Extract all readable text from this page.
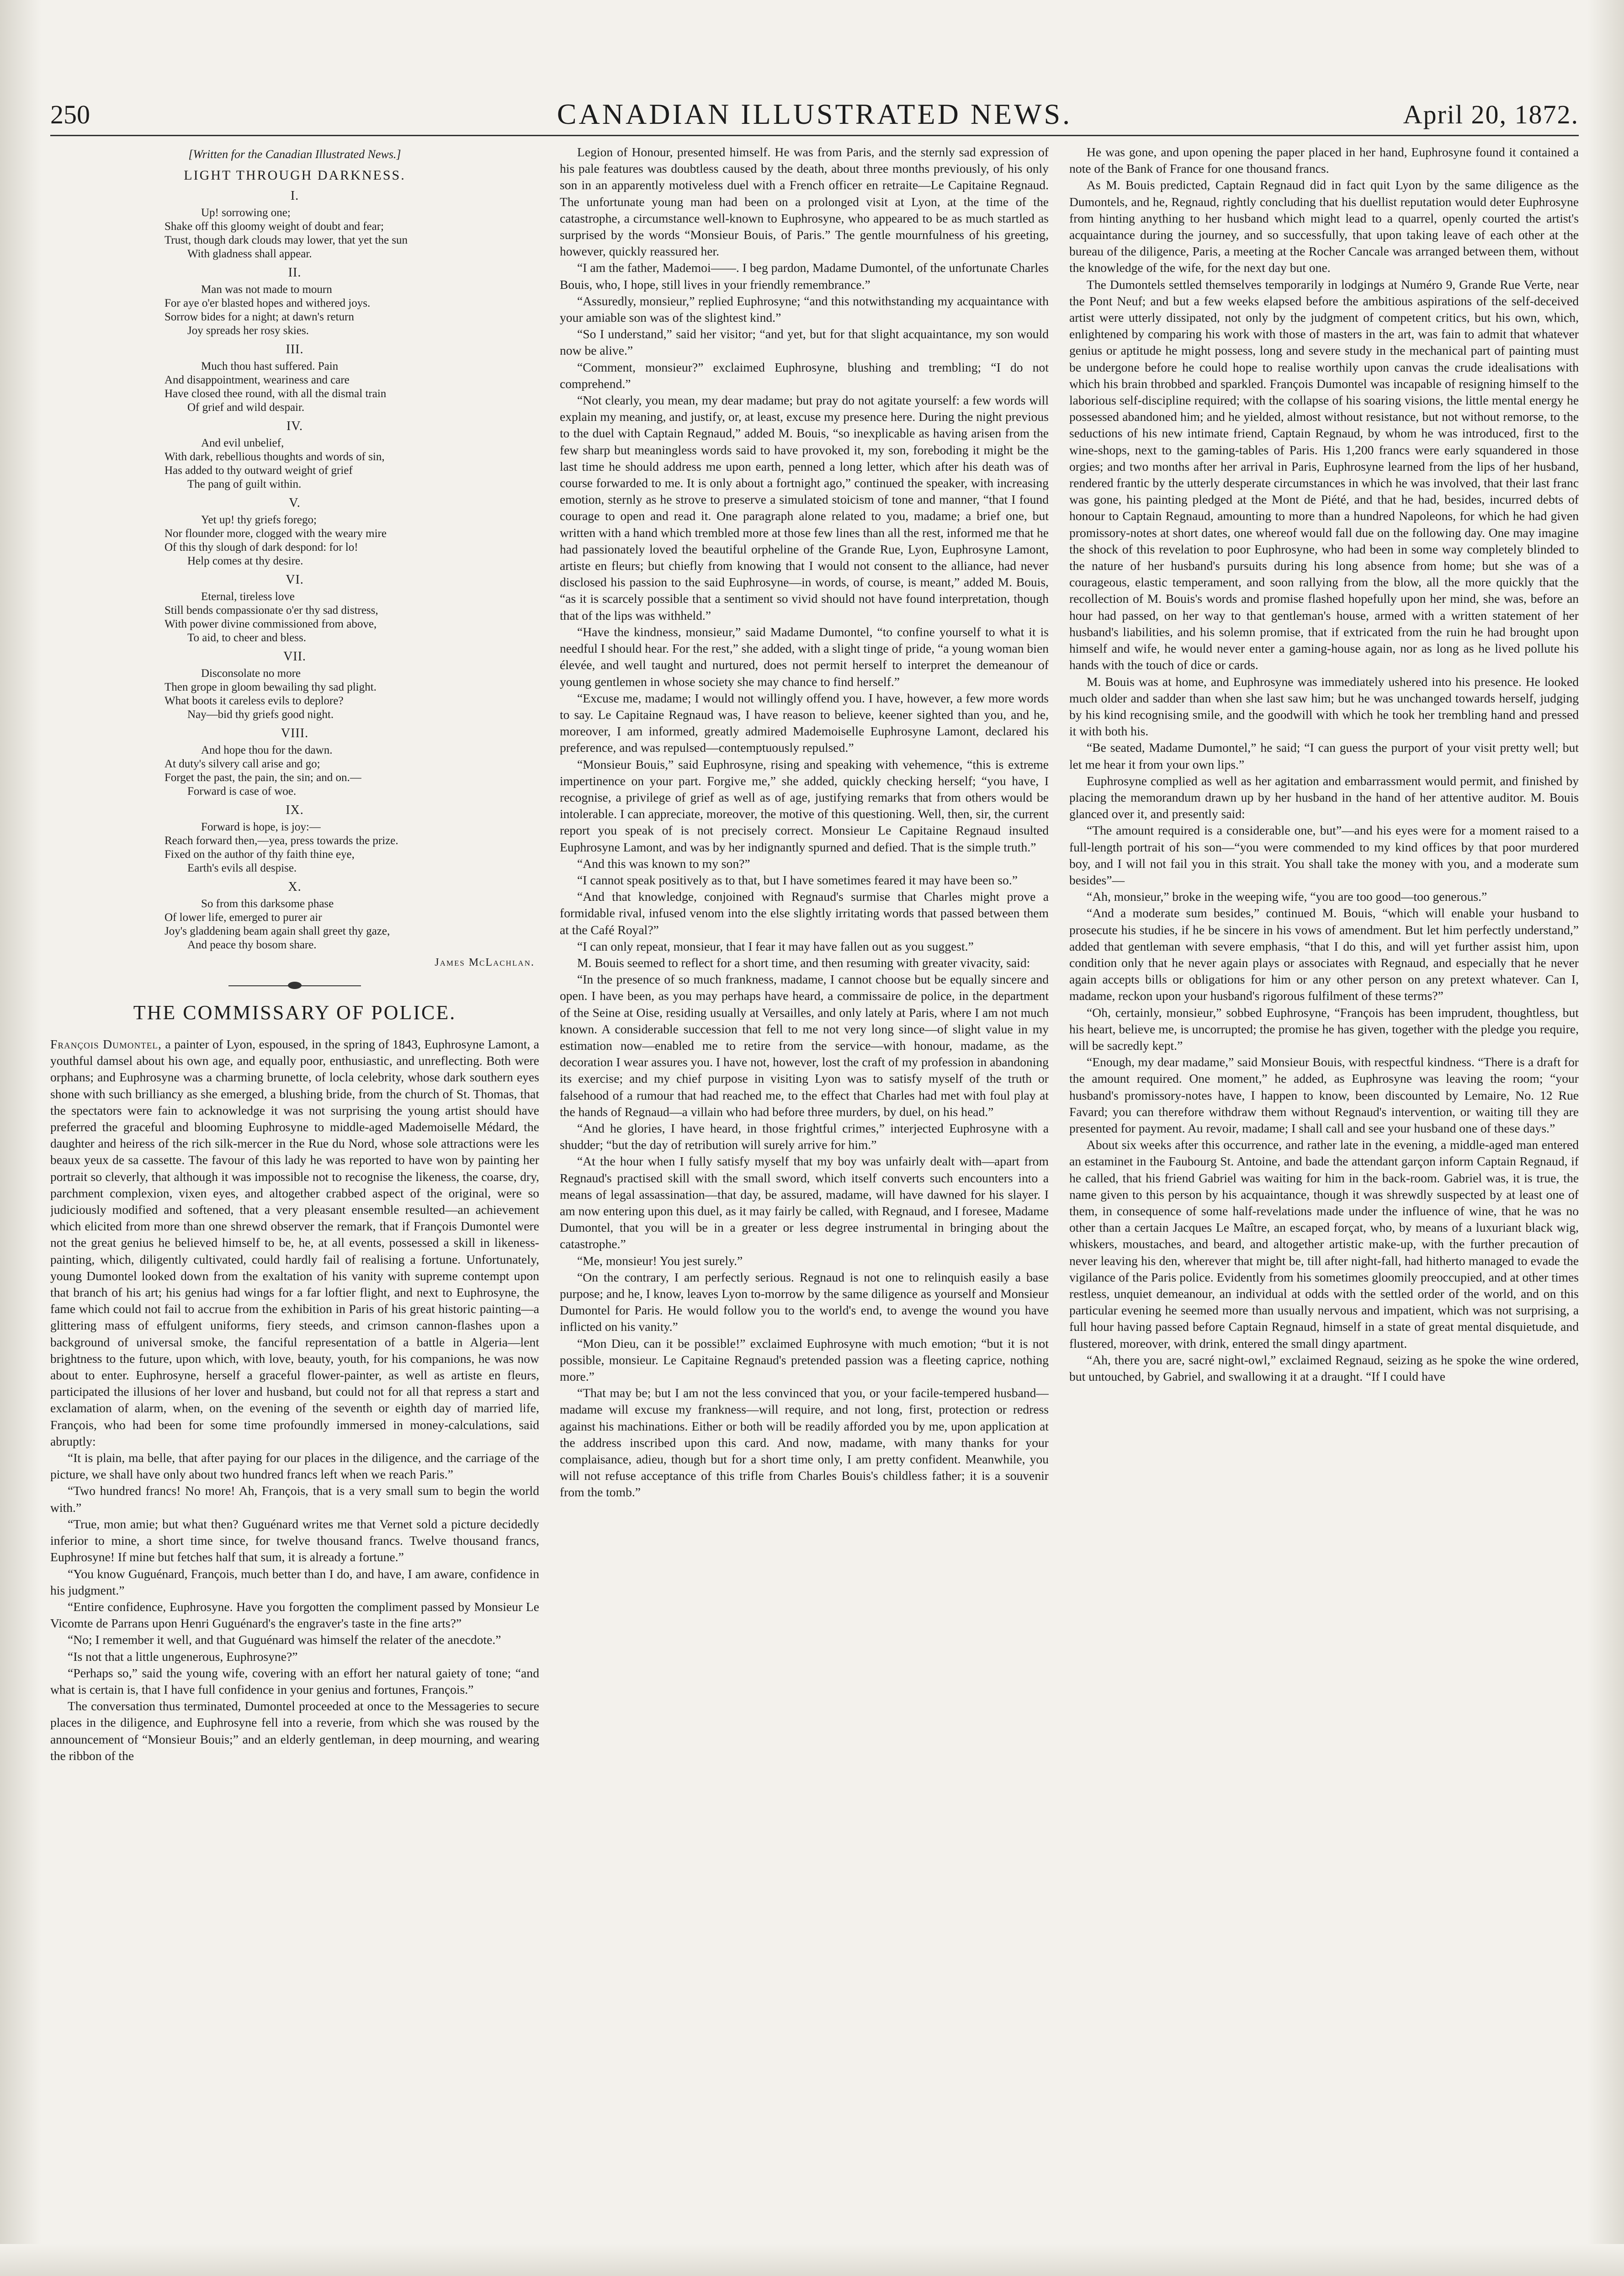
250	CANADIAN ILLUSTRATED NEWS.	April 20, 1872.
[Written for the Canadian Illustrated News.]
LIGHT THROUGH DARKNESS.
I.
Up! sorrowing one;
Shake off this gloomy weight of doubt and fear;
Trust, though dark clouds may lower, that yet the sun
With gladness shall appear.
II.
Man was not made to mourn
For aye o'er blasted hopes and withered joys.
Sorrow bides for a night; at dawn's return
Joy spreads her rosy skies.
III.
Much thou hast suffered. Pain
And disappointment, weariness and care
Have closed thee round, with all the dismal train
Of grief and wild despair.
IV.
And evil unbelief,
With dark, rebellious thoughts and words of sin,
Has added to thy outward weight of grief
The pang of guilt within.
V.
Yet up! thy griefs forego;
Nor flounder more, clogged with the weary mire
Of this thy slough of dark despond: for lo!
Help comes at thy desire.
VI.
Eternal, tireless love
Still bends compassionate o'er thy sad distress,
With power divine commissioned from above,
To aid, to cheer and bless.
VII.
Disconsolate no more
Then grope in gloom bewailing thy sad plight.
What boots it careless evils to deplore?
Nay—bid thy griefs good night.
VIII.
And hope thou for the dawn.
At duty's silvery call arise and go;
Forget the past, the pain, the sin; and on.—
Forward is case of woe.
IX.
Forward is hope, is joy:—
Reach forward then,—yea, press towards the prize.
Fixed on the author of thy faith thine eye,
Earth's evils all despise.
X.
So from this darksome phase
Of lower life, emerged to purer air
Joy's gladdening beam again shall greet thy gaze,
And peace thy bosom share.
James McLachlan.
THE COMMISSARY OF POLICE.

François Dumontel, a painter of Lyon, espoused, in the spring of 1843, Euphrosyne Lamont, a youthful damsel about his own age, and equally poor, enthusiastic, and unreflecting. Both were orphans; and Euphrosyne was a charming brunette, of locla celebrity, whose dark southern eyes shone with such brilliancy as she emerged, a blushing bride, from the church of St. Thomas, that the spectators were fain to acknowledge it was not surprising the young artist should have preferred the graceful and blooming Euphrosyne to middle-aged Mademoiselle Médard, the daughter and heiress of the rich silk-mercer in the Rue du Nord, whose sole attractions were les beaux yeux de sa cassette. The favour of this lady he was reported to have won by painting her portrait so cleverly, that although it was impossible not to recognise the likeness, the coarse, dry, parchment complexion, vixen eyes, and altogether crabbed aspect of the original, were so judiciously modified and softened, that a very pleasant ensemble resulted—an achievement which elicited from more than one shrewd observer the remark, that if François Dumontel were not the great genius he believed himself to be, he, at all events, possessed a skill in likeness-painting, which, diligently cultivated, could hardly fail of realising a fortune. Unfortunately, young Dumontel looked down from the exaltation of his vanity with supreme contempt upon that branch of his art; his genius had wings for a far loftier flight, and next to Euphrosyne, the fame which could not fail to accrue from the exhibition in Paris of his great historic painting—a glittering mass of effulgent uniforms, fiery steeds, and crimson cannon-flashes upon a background of universal smoke, the fanciful representation of a battle in Algeria—lent brightness to the future, upon which, with love, beauty, youth, for his companions, he was now about to enter. Euphrosyne, herself a graceful flower-painter, as well as artiste en fleurs, participated the illusions of her lover and husband, but could not for all that repress a start and exclamation of alarm, when, on the evening of the seventh or eighth day of married life, François, who had been for some time profoundly immersed in money-calculations, said abruptly:

“It is plain, ma belle, that after paying for our places in the diligence, and the carriage of the picture, we shall have only about two hundred francs left when we reach Paris.”

“Two hundred francs! No more! Ah, François, that is a very small sum to begin the world with.”

“True, mon amie; but what then? Guguénard writes me that Vernet sold a picture decidedly inferior to mine, a short time since, for twelve thousand francs. Twelve thousand francs, Euphrosyne! If mine but fetches half that sum, it is already a fortune.”

“You know Guguénard, François, much better than I do, and have, I am aware, confidence in his judgment.”

“Entire confidence, Euphrosyne. Have you forgotten the compliment passed by Monsieur Le Vicomte de Parrans upon Henri Guguénard's the engraver's taste in the fine arts?”

“No; I remember it well, and that Guguénard was himself the relater of the anecdote.”

“Is not that a little ungenerous, Euphrosyne?”

“Perhaps so,” said the young wife, covering with an effort her natural gaiety of tone; “and what is certain is, that I have full confidence in your genius and fortunes, François.”

The conversation thus terminated, Dumontel proceeded at once to the Messageries to secure places in the diligence, and Euphrosyne fell into a reverie, from which she was roused by the announcement of “Monsieur Bouis;” and an elderly gentleman, in deep mourning, and wearing the ribbon of the

Legion of Honour, presented himself. He was from Paris, and the sternly sad expression of his pale features was doubtless caused by the death, about three months previously, of his only son in an apparently motiveless duel with a French officer en retraite—Le Capitaine Regnaud. The unfortunate young man had been on a prolonged visit at Lyon, at the time of the catastrophe, a circumstance well-known to Euphrosyne, who appeared to be as much startled as surprised by the words “Monsieur Bouis, of Paris.” The gentle mournfulness of his greeting, however, quickly reassured her.

“I am the father, Mademoi——. I beg pardon, Madame Dumontel, of the unfortunate Charles Bouis, who, I hope, still lives in your friendly remembrance.”

“Assuredly, monsieur,” replied Euphrosyne; “and this notwithstanding my acquaintance with your amiable son was of the slightest kind.”

“So I understand,” said her visitor; “and yet, but for that slight acquaintance, my son would now be alive.”

“Comment, monsieur?” exclaimed Euphrosyne, blushing and trembling; “I do not comprehend.”

“Not clearly, you mean, my dear madame; but pray do not agitate yourself: a few words will explain my meaning, and justify, or, at least, excuse my presence here. During the night previous to the duel with Captain Regnaud,” added M. Bouis, “so inexplicable as having arisen from the few sharp but meaningless words said to have provoked it, my son, foreboding it might be the last time he should address me upon earth, penned a long letter, which after his death was of course forwarded to me. It is only about a fortnight ago,” continued the speaker, with increasing emotion, sternly as he strove to preserve a simulated stoicism of tone and manner, “that I found courage to open and read it. One paragraph alone related to you, madame; a brief one, but written with a hand which trembled more at those few lines than all the rest, informed me that he had passionately loved the beautiful orpheline of the Grande Rue, Lyon, Euphrosyne Lamont, artiste en fleurs; but chiefly from knowing that I would not consent to the alliance, had never disclosed his passion to the said Euphrosyne—in words, of course, is meant,” added M. Bouis, “as it is scarcely possible that a sentiment so vivid should not have found interpretation, though that of the lips was withheld.”

“Have the kindness, monsieur,” said Madame Dumontel, “to confine yourself to what it is needful I should hear. For the rest,” she added, with a slight tinge of pride, “a young woman bien élevée, and well taught and nurtured, does not permit herself to interpret the demeanour of young gentlemen in whose society she may chance to find herself.”

“Excuse me, madame; I would not willingly offend you. I have, however, a few more words to say. Le Capitaine Regnaud was, I have reason to believe, keener sighted than you, and he, moreover, I am informed, greatly admired Mademoiselle Euphrosyne Lamont, declared his preference, and was repulsed—contemptuously repulsed.”

“Monsieur Bouis,” said Euphrosyne, rising and speaking with vehemence, “this is extreme impertinence on your part. Forgive me,” she added, quickly checking herself; “you have, I recognise, a privilege of grief as well as of age, justifying remarks that from others would be intolerable. I can appreciate, moreover, the motive of this questioning. Well, then, sir, the current report you speak of is not precisely correct. Monsieur Le Capitaine Regnaud insulted Euphrosyne Lamont, and was by her indignantly spurned and defied. That is the simple truth.”

“And this was known to my son?”

“I cannot speak positively as to that, but I have sometimes feared it may have been so.”

“And that knowledge, conjoined with Regnaud's surmise that Charles might prove a formidable rival, infused venom into the else slightly irritating words that passed between them at the Café Royal?”

“I can only repeat, monsieur, that I fear it may have fallen out as you suggest.”

M. Bouis seemed to reflect for a short time, and then resuming with greater vivacity, said:

“In the presence of so much frankness, madame, I cannot choose but be equally sincere and open. I have been, as you may perhaps have heard, a commissaire de police, in the department of the Seine at Oise, residing usually at Versailles, and only lately at Paris, where I am not much known. A considerable succession that fell to me not very long since—of slight value in my estimation now—enabled me to retire from the service—with honour, madame, as the decoration I wear assures you. I have not, however, lost the craft of my profession in abandoning its exercise; and my chief purpose in visiting Lyon was to satisfy myself of the truth or falsehood of a rumour that had reached me, to the effect that Charles had met with foul play at the hands of Regnaud—a villain who had before three murders, by duel, on his head.”

“And he glories, I have heard, in those frightful crimes,” interjected Euphrosyne with a shudder; “but the day of retribution will surely arrive for him.”

“At the hour when I fully satisfy myself that my boy was unfairly dealt with—apart from Regnaud's practised skill with the small sword, which itself converts such encounters into a means of legal assassination—that day, be assured, madame, will have dawned for his slayer. I am now entering upon this duel, as it may fairly be called, with Regnaud, and I foresee, Madame Dumontel, that you will be in a greater or less degree instrumental in bringing about the catastrophe.”

“Me, monsieur! You jest surely.”

“On the contrary, I am perfectly serious. Regnaud is not one to relinquish easily a base purpose; and he, I know, leaves Lyon to-morrow by the same diligence as yourself and Monsieur Dumontel for Paris. He would follow you to the world's end, to avenge the wound you have inflicted on his vanity.”

“Mon Dieu, can it be possible!” exclaimed Euphrosyne with much emotion; “but it is not possible, monsieur. Le Capitaine Regnaud's pretended passion was a fleeting caprice, nothing more.”

“That may be; but I am not the less convinced that you, or your facile-tempered husband—madame will excuse my frankness—will require, and not long, first, protection or redress against his machinations. Either or both will be readily afforded you by me, upon application at the address inscribed upon this card. And now, madame, with many thanks for your complaisance, adieu, though but for a short time only, I am pretty confident. Meanwhile, you will not refuse acceptance of this trifle from Charles Bouis's childless father; it is a souvenir from the tomb.”

He was gone, and upon opening the paper placed in her hand, Euphrosyne found it contained a note of the Bank of France for one thousand francs.

As M. Bouis predicted, Captain Regnaud did in fact quit Lyon by the same diligence as the Dumontels, and he, Regnaud, rightly concluding that his duellist reputation would deter Euphrosyne from hinting anything to her husband which might lead to a quarrel, openly courted the artist's acquaintance during the journey, and so successfully, that upon taking leave of each other at the bureau of the diligence, Paris, a meeting at the Rocher Cancale was arranged between them, without the knowledge of the wife, for the next day but one.

The Dumontels settled themselves temporarily in lodgings at Numéro 9, Grande Rue Verte, near the Pont Neuf; and but a few weeks elapsed before the ambitious aspirations of the self-deceived artist were utterly dissipated, not only by the judgment of competent critics, but his own, which, enlightened by comparing his work with those of masters in the art, was fain to admit that whatever genius or aptitude he might possess, long and severe study in the mechanical part of painting must be undergone before he could hope to realise worthily upon canvas the crude idealisations with which his brain throbbed and sparkled. François Dumontel was incapable of resigning himself to the laborious self-discipline required; with the collapse of his soaring visions, the little mental energy he possessed abandoned him; and he yielded, almost without resistance, but not without remorse, to the seductions of his new intimate friend, Captain Regnaud, by whom he was introduced, first to the wine-shops, next to the gaming-tables of Paris. His 1,200 francs were early squandered in those orgies; and two months after her arrival in Paris, Euphrosyne learned from the lips of her husband, rendered frantic by the utterly desperate circumstances in which he was involved, that their last franc was gone, his painting pledged at the Mont de Piété, and that he had, besides, incurred debts of honour to Captain Regnaud, amounting to more than a hundred Napoleons, for which he had given promissory-notes at short dates, one whereof would fall due on the following day. One may imagine the shock of this revelation to poor Euphrosyne, who had been in some way completely blinded to the nature of her husband's pursuits during his long absence from home; but she was of a courageous, elastic temperament, and soon rallying from the blow, all the more quickly that the recollection of M. Bouis's words and promise flashed hopefully upon her mind, she was, before an hour had passed, on her way to that gentleman's house, armed with a written statement of her husband's liabilities, and his solemn promise, that if extricated from the ruin he had brought upon himself and wife, he would never enter a gaming-house again, nor as long as he lived pollute his hands with the touch of dice or cards.

M. Bouis was at home, and Euphrosyne was immediately ushered into his presence. He looked much older and sadder than when she last saw him; but he was unchanged towards herself, judging by his kind recognising smile, and the goodwill with which he took her trembling hand and pressed it with both his.

“Be seated, Madame Dumontel,” he said; “I can guess the purport of your visit pretty well; but let me hear it from your own lips.”

Euphrosyne complied as well as her agitation and embarrassment would permit, and finished by placing the memorandum drawn up by her husband in the hand of her attentive auditor. M. Bouis glanced over it, and presently said:

“The amount required is a considerable one, but”—and his eyes were for a moment raised to a full-length portrait of his son—“you were commended to my kind offices by that poor murdered boy, and I will not fail you in this strait. You shall take the money with you, and a moderate sum besides”—

“Ah, monsieur,” broke in the weeping wife, “you are too good—too generous.”

“And a moderate sum besides,” continued M. Bouis, “which will enable your husband to prosecute his studies, if he be sincere in his vows of amendment. But let him perfectly understand,” added that gentleman with severe emphasis, “that I do this, and will yet further assist him, upon condition only that he never again plays or associates with Regnaud, and especially that he never again accepts bills or obligations for him or any other person on any pretext whatever. Can I, madame, reckon upon your husband's rigorous fulfilment of these terms?”

“Oh, certainly, monsieur,” sobbed Euphrosyne, “François has been imprudent, thoughtless, but his heart, believe me, is uncorrupted; the promise he has given, together with the pledge you require, will be sacredly kept.”

“Enough, my dear madame,” said Monsieur Bouis, with respectful kindness. “There is a draft for the amount required. One moment,” he added, as Euphrosyne was leaving the room; “your husband's promissory-notes have, I happen to know, been discounted by Lemaire, No. 12 Rue Favard; you can therefore withdraw them without Regnaud's intervention, or waiting till they are presented for payment. Au revoir, madame; I shall call and see your husband one of these days.”

About six weeks after this occurrence, and rather late in the evening, a middle-aged man entered an estaminet in the Faubourg St. Antoine, and bade the attendant garçon inform Captain Regnaud, if he called, that his friend Gabriel was waiting for him in the back-room. Gabriel was, it is true, the name given to this person by his acquaintance, though it was shrewdly suspected by at least one of them, in consequence of some half-revelations made under the influence of wine, that he was no other than a certain Jacques Le Maître, an escaped forçat, who, by means of a luxuriant black wig, whiskers, moustaches, and beard, and altogether artistic make-up, with the further precaution of never leaving his den, wherever that might be, till after night-fall, had hitherto managed to evade the vigilance of the Paris police. Evidently from his sometimes gloomily preoccupied, and at other times restless, unquiet demeanour, an individual at odds with the settled order of the world, and on this particular evening he seemed more than usually nervous and impatient, which was not surprising, a full hour having passed before Captain Regnaud, himself in a state of great mental disquietude, and flustered, moreover, with drink, entered the small dingy apartment.

“Ah, there you are, sacré night-owl,” exclaimed Regnaud, seizing as he spoke the wine ordered, but untouched, by Gabriel, and swallowing it at a draught. “If I could have
